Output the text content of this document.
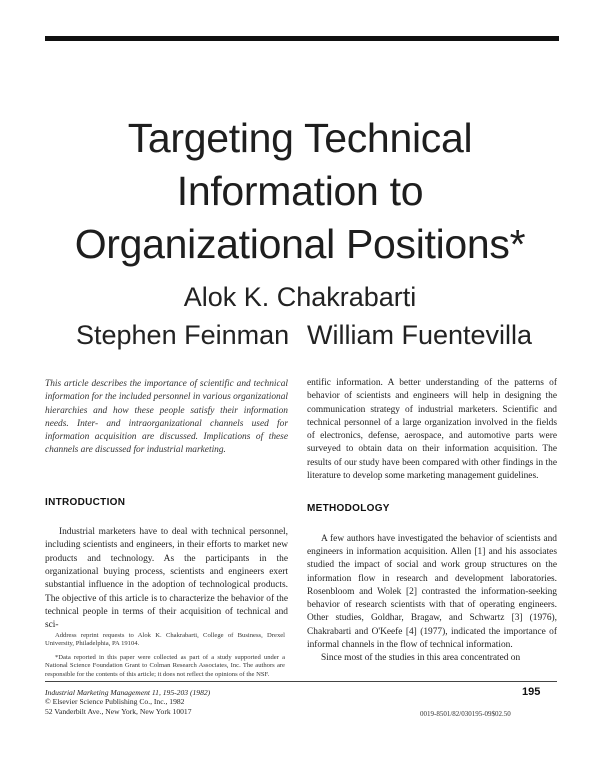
Targeting Technical
Information to
Organizational Positions*
Alok K. Chakrabarti
Stephen Feinman William Fuentevilla

This article describes the importance of scientific and technical information for the included personnel in various organizational hierarchies and how these people satisfy their information needs. Inter- and intraorganizational channels used for information acquisition are discussed. Implications of these channels are discussed for industrial marketing.

INTRODUCTION

Industrial marketers have to deal with technical personnel, including scientists and engineers, in their efforts to market new products and technology. As the participants in the organizational buying process, scientists and engineers exert substantial influence in the adoption of technological products. The objective of this article is to characterize the behavior of the technical people in terms of their acquisition of technical and sci-

Address reprint requests to Alok K. Chakrabarti, College of Business, Drexel University, Philadelphia, PA 19104.

*Data reported in this paper were collected as part of a study supported under a National Science Foundation Grant to Colman Research Associates, Inc. The authors are responsible for the contents of this article; it does not reflect the opinions of the NSF.

entific information. A better understanding of the patterns of behavior of scientists and engineers will help in designing the communication strategy of industrial marketers. Scientific and technical personnel of a large organization involved in the fields of electronics, defense, aerospace, and automotive parts were surveyed to obtain data on their information acquisition. The results of our study have been compared with other findings in the literature to develop some marketing management guidelines.

METHODOLOGY

A few authors have investigated the behavior of scientists and engineers in information acquisition. Allen [1] and his associates studied the impact of social and work group structures on the information flow in research and development laboratories. Rosenbloom and Wolek [2] contrasted the information-seeking behavior of research scientists with that of operating engineers. Other studies, Goldhar, Bragaw, and Schwartz [3] (1976), Chakrabarti and O'Keefe [4] (1977), indicated the importance of informal channels in the flow of technical information.

Since most of the studies in this area concentrated on

Industrial Marketing Management 11, 195-203 (1982)
© Elsevier Science Publishing Co., Inc., 1982
52 Vanderbilt Ave., New York, New York 10017
195
0019-8501/82/030195-09$02.50
